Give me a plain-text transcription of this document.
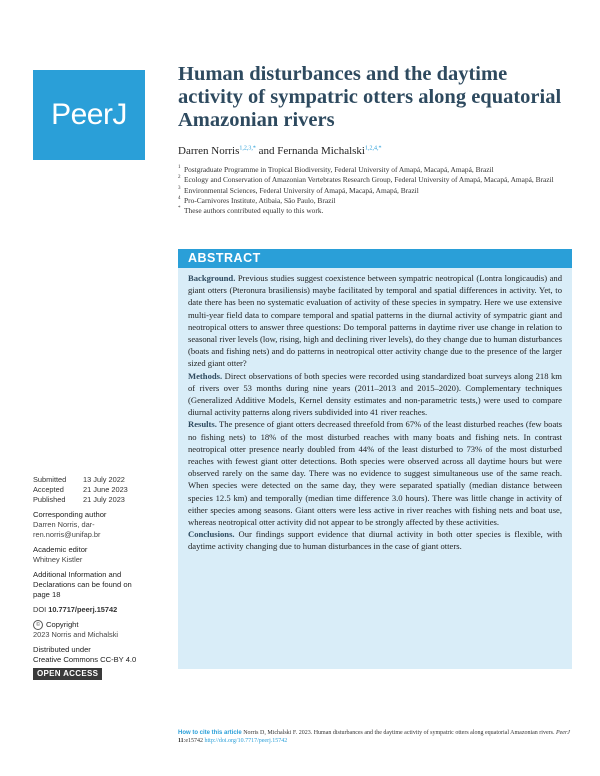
PeerJ
Human disturbances and the daytime activity of sympatric otters along equatorial Amazonian rivers
Darren Norris$^{1,2,3,*}$ and Fernanda Michalski$^{1,2,4,*}$
$^1$ Postgraduate Programme in Tropical Biodiversity, Federal University of Amapá, Macapá, Amapá, Brazil
$^2$ Ecology and Conservation of Amazonian Vertebrates Research Group, Federal University of Amapá, Macapá, Amapá, Brazil
$^3$ Environmental Sciences, Federal University of Amapá, Macapá, Amapá, Brazil
$^4$ Pro-Carnivores Institute, Atibaia, São Paulo, Brazil
* These authors contributed equally to this work.
ABSTRACT

Background. Previous studies suggest coexistence between sympatric neotropical (Lontra longicaudis) and giant otters (Pteronura brasiliensis) maybe facilitated by temporal and spatial differences in activity. Yet, to date there has been no systematic evaluation of activity of these species in sympatry. Here we use extensive multi-year field data to compare temporal and spatial patterns in the diurnal activity of sympatric giant and neotropical otters to answer three questions: Do temporal patterns in daytime river use change in relation to seasonal river levels (low, rising, high and declining river levels), do they change due to human disturbances (boats and fishing nets) and do patterns in neotropical otter activity change due to the presence of the larger sized giant otter?

Methods. Direct observations of both species were recorded using standardized boat surveys along 218 km of rivers over 53 months during nine years (2011–2013 and 2015–2020). Complementary techniques (Generalized Additive Models, Kernel density estimates and non-parametric tests,) were used to compare diurnal activity patterns along rivers subdivided into 41 river reaches.

Results. The presence of giant otters decreased threefold from 67% of the least disturbed reaches (few boats no fishing nets) to 18% of the most disturbed reaches with many boats and fishing nets. In contrast neotropical otter presence nearly doubled from 44% of the least disturbed to 73% of the most disturbed reaches with fewest giant otter detections. Both species were observed across all daytime hours but were observed rarely on the same day. There was no evidence to suggest simultaneous use of the same reach. When species were detected on the same day, they were separated spatially (median distance between species 12.5 km) and temporally (median time difference 3.0 hours). There was little change in activity of either species among seasons. Giant otters were less active in river reaches with fishing nets and boat use, whereas neotropical otter activity did not appear to be strongly affected by these activities.

Conclusions. Our findings support evidence that diurnal activity in both otter species is flexible, with daytime activity changing due to human disturbances in the case of giant otters.

Submitted	13 July 2022
Accepted	21 June 2023
Published	21 July 2023
Corresponding author
Darren Norris, dar-
ren.norris@unifap.br
Academic editor
Whitney Kistler
Additional Information and
Declarations can be found on
page 18
DOI 10.7717/peerj.15742
© Copyright
2023 Norris and Michalski
Distributed under
Creative Commons CC-BY 4.0
OPEN ACCESS
How to cite this article Norris D, Michalski F. 2023. Human disturbances and the daytime activity of sympatric otters along equatorial Amazonian rivers. PeerJ 11:e15742 http://doi.org/10.7717/peerj.15742
